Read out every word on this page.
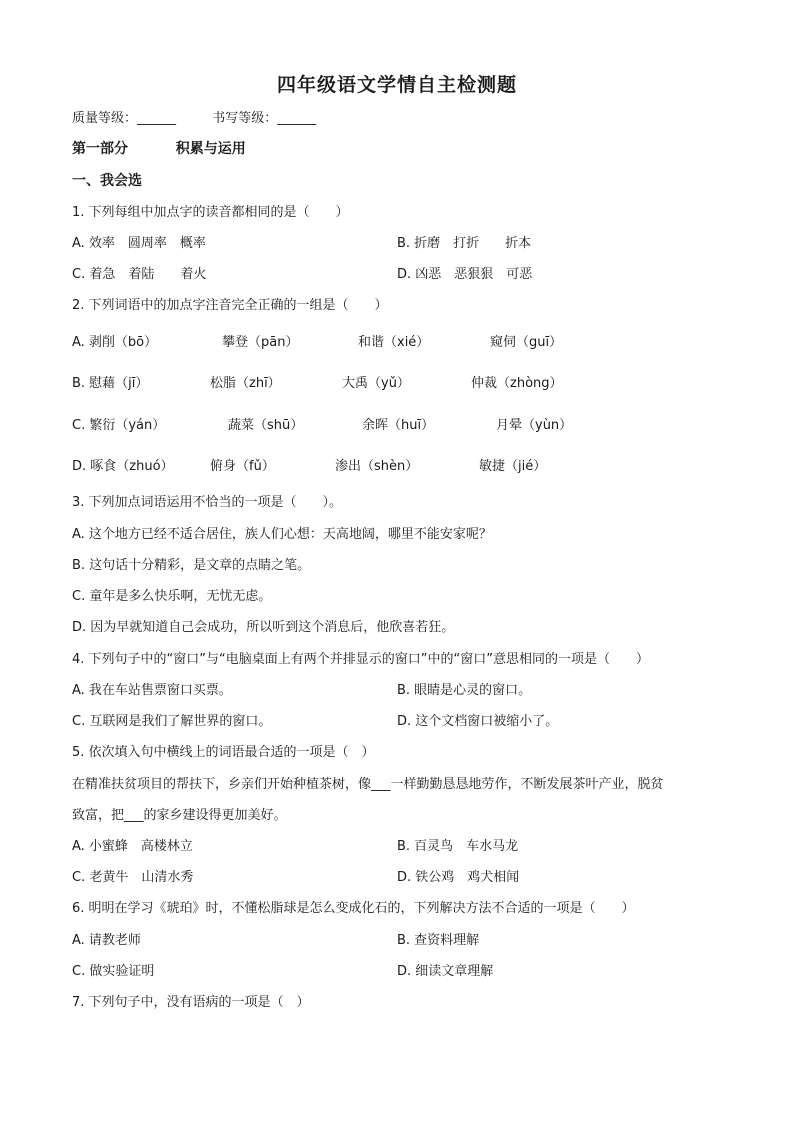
四年级语文学情自主检测题
质量等级：______	书写等级：______
第一部分	积累与运用
一、我会选
1. 下列每组中加点字的读音都相同的是（　　）
A. 效率　圆周率　概率	B. 折磨　打折　　折本
C. 着急　着陆　　着火	D. 凶恶　恶狠狠　可恶
2. 下列词语中的加点字注音完全正确的一组是（　　）
A. 剥削（bō）	攀登（pān）	和谐（xié）	窥伺（guī）
B. 慰藉（jī）	松脂（zhī）	大禹（yǔ）	仲裁（zhòng）
C. 繁衍（yán）	蔬菜（shū）	余晖（huī）	月晕（yùn）
D. 啄食（zhuó）	俯身（fǔ）	渗出（shèn）	敏捷（jié）
3. 下列加点词语运用不恰当的一项是（　　）。
A. 这个地方已经不适合居住，族人们心想：天高地阔，哪里不能安家呢？
B. 这句话十分精彩，是文章的点睛之笔。
C. 童年是多么快乐啊，无忧无虑。
D. 因为早就知道自己会成功，所以听到这个消息后，他欣喜若狂。
4. 下列句子中的“窗口”与“电脑桌面上有两个并排显示的窗口”中的“窗口”意思相同的一项是（　　）
A. 我在车站售票窗口买票。	B. 眼睛是心灵的窗口。
C. 互联网是我们了解世界的窗口。	D. 这个文档窗口被缩小了。
5. 依次填入句中横线上的词语最合适的一项是（　）
在精准扶贫项目的帮扶下，乡亲们开始种植茶树，像___一样勤勤恳恳地劳作，不断发展茶叶产业，脱贫
致富，把___的家乡建设得更加美好。
A. 小蜜蜂　高楼林立	B. 百灵鸟　车水马龙
C. 老黄牛　山清水秀	D. 铁公鸡　鸡犬相闻
6. 明明在学习《琥珀》时，不懂松脂球是怎么变成化石的，下列解决方法不合适的一项是（　　）
A. 请教老师	B. 查资料理解
C. 做实验证明	D. 细读文章理解
7. 下列句子中，没有语病的一项是（　）
